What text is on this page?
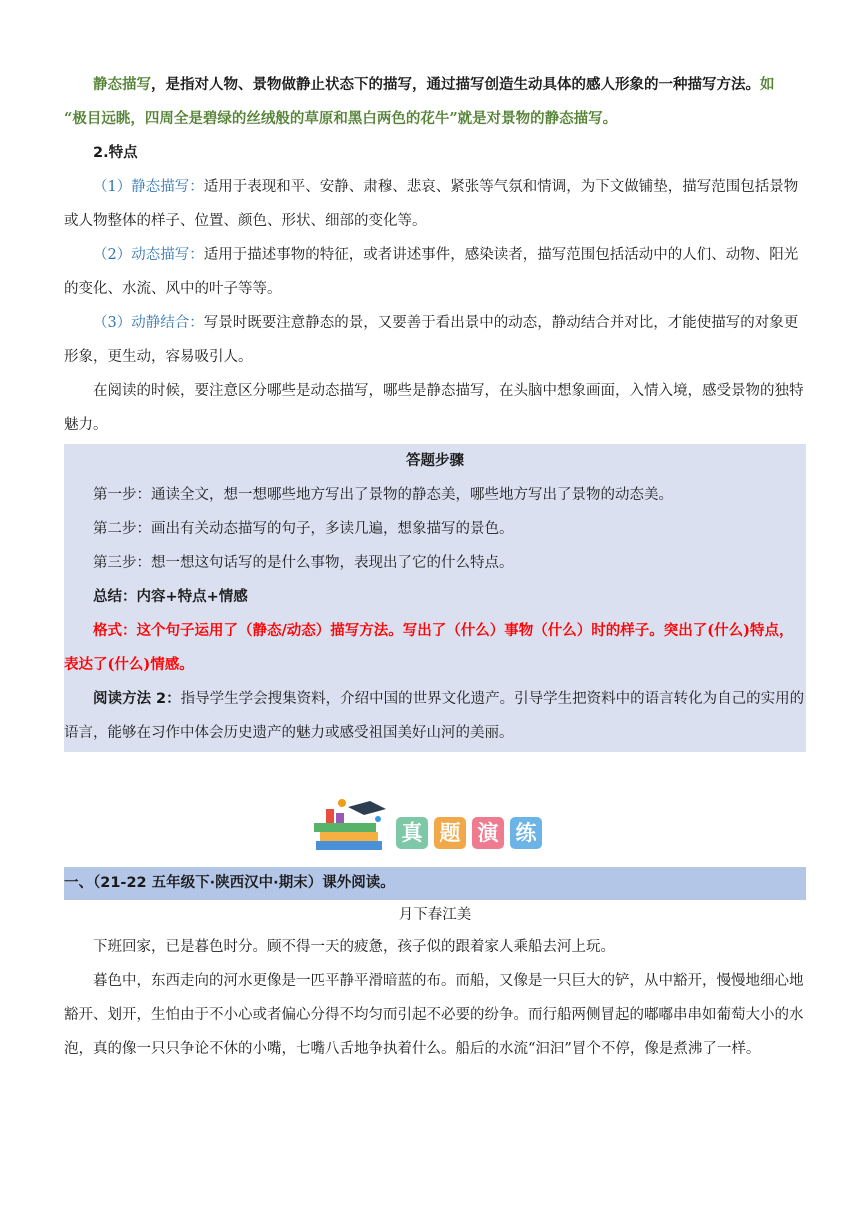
静态描写，是指对人物、景物做静止状态下的描写，通过描写创造生动具体的感人形象的一种描写方法。如

“极目远眺，四周全是碧绿的丝绒般的草原和黑白两色的花牛”就是对景物的静态描写。

2.特点

（1）静态描写：适用于表现和平、安静、肃穆、悲哀、紧张等气氛和情调，为下文做铺垫，描写范围包括景物或人物整体的样子、位置、颜色、形状、细部的变化等。

（2）动态描写：适用于描述事物的特征，或者讲述事件，感染读者，描写范围包括活动中的人们、动物、阳光的变化、水流、风中的叶子等等。

（3）动静结合：写景时既要注意静态的景，又要善于看出景中的动态，静动结合并对比，才能使描写的对象更形象，更生动，容易吸引人。

在阅读的时候，要注意区分哪些是动态描写，哪些是静态描写，在头脑中想象画面，入情入境，感受景物的独特魅力。

答题步骤

第一步：通读全文，想一想哪些地方写出了景物的静态美，哪些地方写出了景物的动态美。

第二步：画出有关动态描写的句子，多读几遍，想象描写的景色。

第三步：想一想这句话写的是什么事物，表现出了它的什么特点。

总结：内容+特点+情感

格式：这个句子运用了（静态/动态）描写方法。写出了（什么）事物（什么）时的样子。突出了(什么)特点，表达了(什么)情感。

阅读方法 2：指导学生学会搜集资料，介绍中国的世界文化遗产。引导学生把资料中的语言转化为自己的实用的语言，能够在习作中体会历史遗产的魅力或感受祖国美好山河的美丽。

真 题 演 练
一、（21-22 五年级下·陕西汉中·期末）课外阅读。

月下春江美

下班回家，已是暮色时分。顾不得一天的疲惫，孩子似的跟着家人乘船去河上玩。

暮色中，东西走向的河水更像是一匹平静平滑暗蓝的布。而船，又像是一只巨大的铲，从中豁开，慢慢地细心地豁开、划开，生怕由于不小心或者偏心分得不均匀而引起不必要的纷争。而行船两侧冒起的嘟嘟串串如葡萄大小的水泡，真的像一只只争论不休的小嘴，七嘴八舌地争执着什么。船后的水流“汩汩”冒个不停，像是煮沸了一样。
